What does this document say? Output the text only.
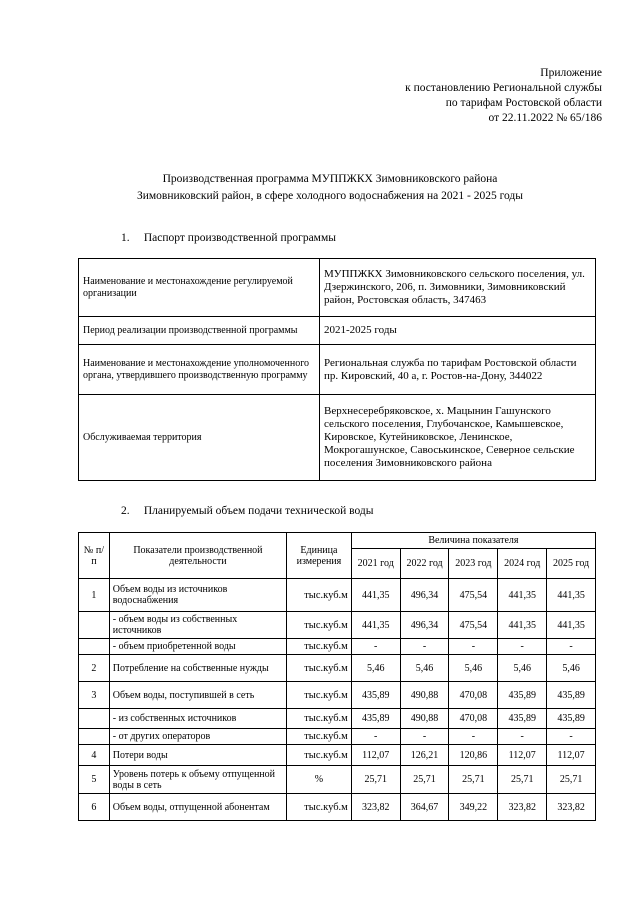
Приложение
к постановлению Региональной службы
по тарифам Ростовской области
от 22.11.2022 № 65/186
Производственная программа МУППЖКХ Зимовниковского района
Зимовниковский район, в сфере холодного водоснабжения на 2021 - 2025 годы
1. Паспорт производственной программы
Наименование и местонахождение регулируемой организации	МУППЖКХ Зимовниковского сельского поселения, ул. Дзержинского, 206, п. Зимовники, Зимовниковский район, Ростовская область, 347463
Период реализации производственной программы	2021-2025 годы
Наименование и местонахождение уполномоченного органа, утвердившего производственную программу	Региональная служба по тарифам Ростовской области
пр. Кировский, 40 а, г. Ростов-на-Дону, 344022

Обслуживаемая территория	Верхнесеребряковское, х. Мацынин Гашунского сельского поселения, Глубочанское, Камышевское, Кировское, Кутейниковское, Ленинское, Мокрогашунское, Савоськинское, Северное сельские поселения Зимовниковского района
2. Планируемый объем подачи технической воды
№ п/п	Показатели производственной деятельности	Единица измерения	Величина показателя				
			2021 год	2022 год	2023 год	2024 год	2025 год
1	Объем воды из источников водоснабжения	тыс.куб.м	441,35	496,34	475,54	441,35	441,35
	- объем воды из собственных источников	тыс.куб.м	441,35	496,34	475,54	441,35	441,35
	- объем приобретенной воды	тыс.куб.м	-	-	-	-	-
2	Потребление на собственные нужды	тыс.куб.м	5,46	5,46	5,46	5,46	5,46
3	Объем воды, поступившей в сеть	тыс.куб.м	435,89	490,88	470,08	435,89	435,89
	- из собственных источников	тыс.куб.м	435,89	490,88	470,08	435,89	435,89
	- от других операторов	тыс.куб.м	-	-	-	-	-
4	Потери воды	тыс.куб.м	112,07	126,21	120,86	112,07	112,07
5	Уровень потерь к объему отпущенной воды в сеть	%	25,71	25,71	25,71	25,71	25,71
6	Объем воды, отпущенной абонентам	тыс.куб.м	323,82	364,67	349,22	323,82	323,82
